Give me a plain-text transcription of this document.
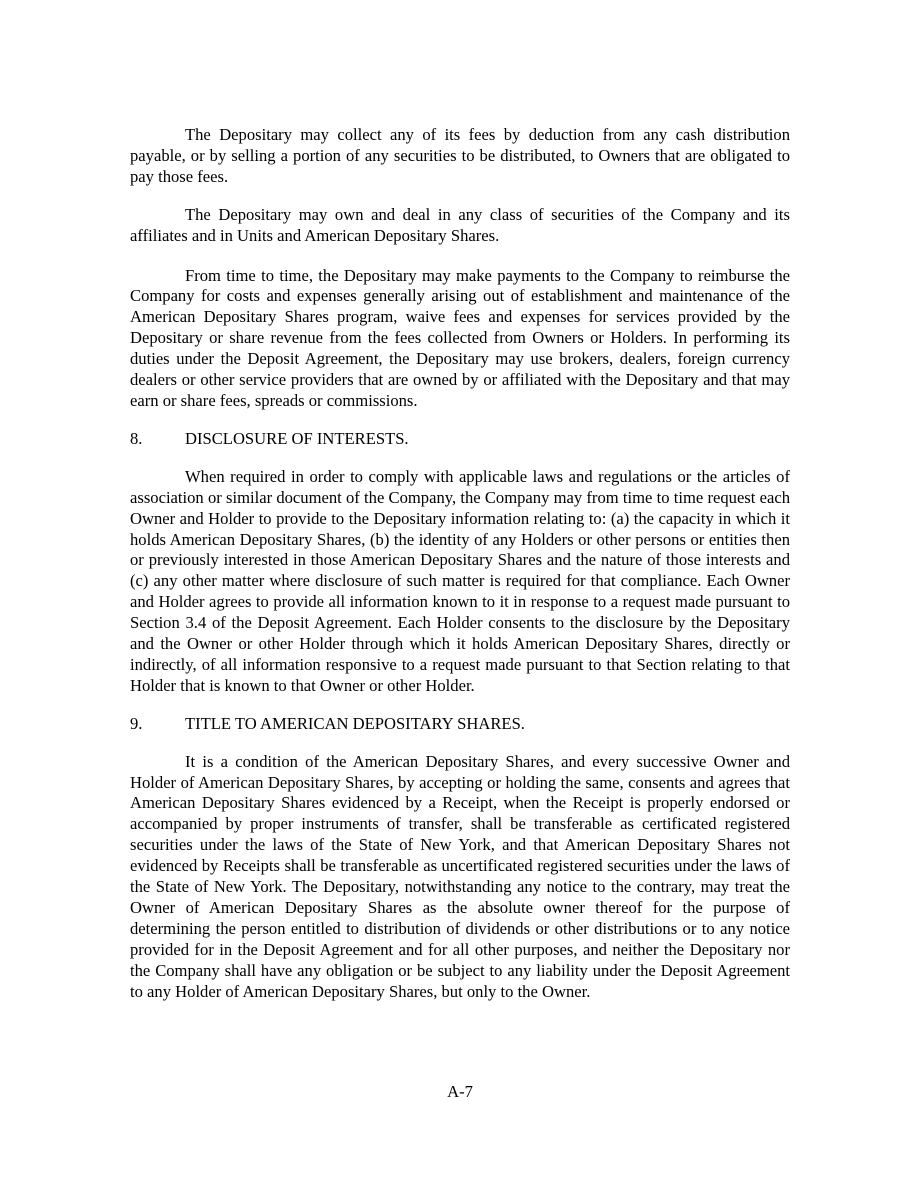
The Depositary may collect any of its fees by deduction from any cash distribution payable, or by selling a portion of any securities to be distributed, to Owners that are obligated to pay those fees.

The Depositary may own and deal in any class of securities of the Company and its affiliates and in Units and American Depositary Shares.

From time to time, the Depositary may make payments to the Company to reimburse the Company for costs and expenses generally arising out of establishment and maintenance of the American Depositary Shares program, waive fees and expenses for services provided by the Depositary or share revenue from the fees collected from Owners or Holders. In performing its duties under the Deposit Agreement, the Depositary may use brokers, dealers, foreign currency dealers or other service providers that are owned by or affiliated with the Depositary and that may earn or share fees, spreads or commissions.

8.	DISCLOSURE OF INTERESTS.

When required in order to comply with applicable laws and regulations or the articles of association or similar document of the Company, the Company may from time to time request each Owner and Holder to provide to the Depositary information relating to: (a) the capacity in which it holds American Depositary Shares, (b) the identity of any Holders or other persons or entities then or previously interested in those American Depositary Shares and the nature of those interests and (c) any other matter where disclosure of such matter is required for that compliance. Each Owner and Holder agrees to provide all information known to it in response to a request made pursuant to Section 3.4 of the Deposit Agreement. Each Holder consents to the disclosure by the Depositary and the Owner or other Holder through which it holds American Depositary Shares, directly or indirectly, of all information responsive to a request made pursuant to that Section relating to that Holder that is known to that Owner or other Holder.

9.	TITLE TO AMERICAN DEPOSITARY SHARES.

It is a condition of the American Depositary Shares, and every successive Owner and Holder of American Depositary Shares, by accepting or holding the same, consents and agrees that American Depositary Shares evidenced by a Receipt, when the Receipt is properly endorsed or accompanied by proper instruments of transfer, shall be transferable as certificated registered securities under the laws of the State of New York, and that American Depositary Shares not evidenced by Receipts shall be transferable as uncertificated registered securities under the laws of the State of New York. The Depositary, notwithstanding any notice to the contrary, may treat the Owner of American Depositary Shares as the absolute owner thereof for the purpose of determining the person entitled to distribution of dividends or other distributions or to any notice provided for in the Deposit Agreement and for all other purposes, and neither the Depositary nor the Company shall have any obligation or be subject to any liability under the Deposit Agreement to any Holder of American Depositary Shares, but only to the Owner.

A-7
